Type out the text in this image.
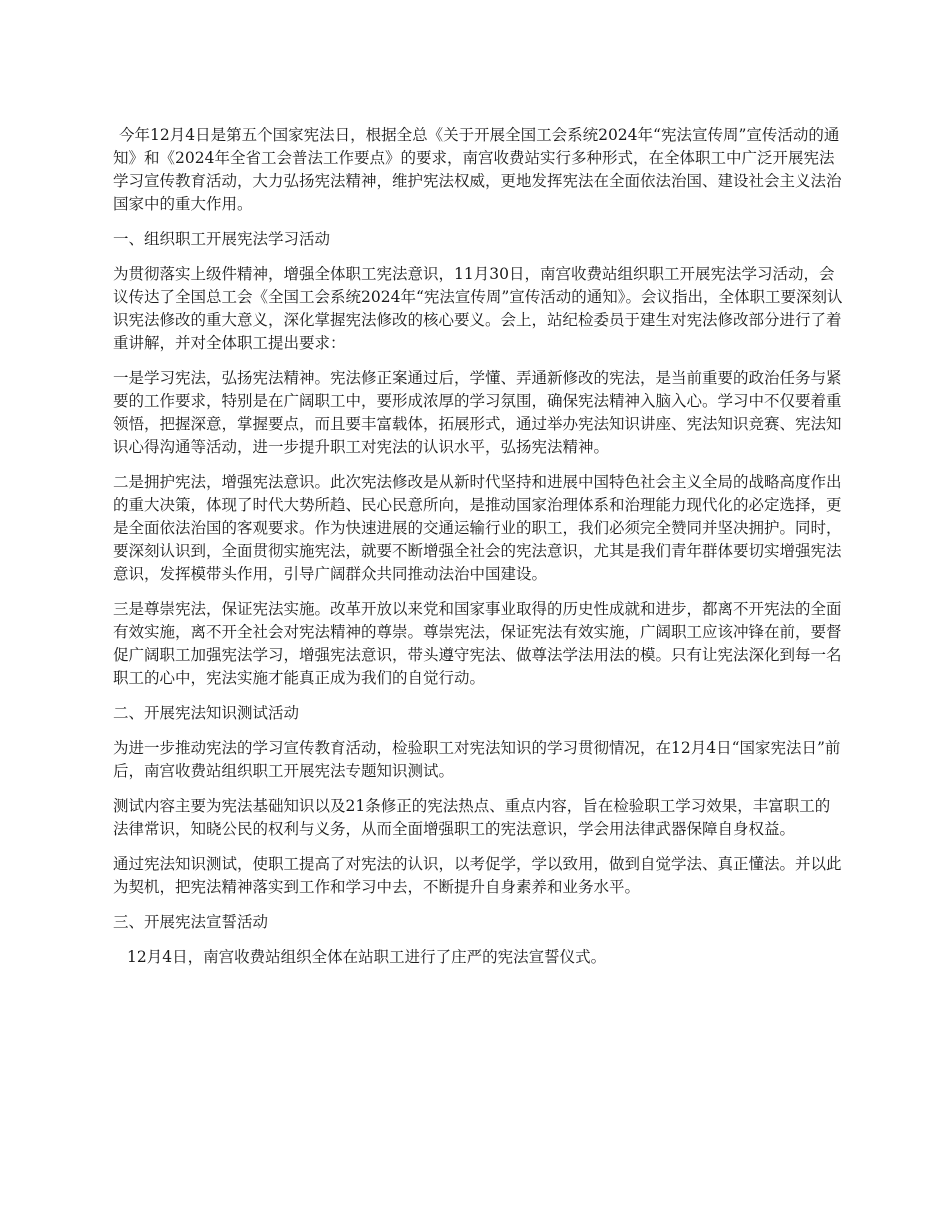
今年12月4日是第五个国家宪法日，根据全总《关于开展全国工会系统2024年“宪法宣传周”宣传活动的通知》和《2024年全省工会普法工作要点》的要求，南宫收费站实行多种形式，在全体职工中广泛开展宪法学习宣传教育活动，大力弘扬宪法精神，维护宪法权威，更地发挥宪法在全面依法治国、建设社会主义法治国家中的重大作用。

一、组织职工开展宪法学习活动

为贯彻落实上级件精神，增强全体职工宪法意识，11月30日，南宫收费站组织职工开展宪法学习活动，会议传达了全国总工会《全国工会系统2024年“宪法宣传周”宣传活动的通知》。会议指出，全体职工要深刻认识宪法修改的重大意义，深化掌握宪法修改的核心要义。会上，站纪检委员于建生对宪法修改部分进行了着重讲解，并对全体职工提出要求：

一是学习宪法，弘扬宪法精神。宪法修正案通过后，学懂、弄通新修改的宪法，是当前重要的政治任务与紧要的工作要求，特别是在广阔职工中，要形成浓厚的学习氛围，确保宪法精神入脑入心。学习中不仅要着重领悟，把握深意，掌握要点，而且要丰富载体，拓展形式，通过举办宪法知识讲座、宪法知识竞赛、宪法知识心得沟通等活动，进一步提升职工对宪法的认识水平，弘扬宪法精神。

二是拥护宪法，增强宪法意识。此次宪法修改是从新时代坚持和进展中国特色社会主义全局的战略高度作出的重大决策，体现了时代大势所趋、民心民意所向，是推动国家治理体系和治理能力现代化的必定选择，更是全面依法治国的客观要求。作为快速进展的交通运输行业的职工，我们必须完全赞同并坚决拥护。同时，要深刻认识到，全面贯彻实施宪法，就要不断增强全社会的宪法意识，尤其是我们青年群体要切实增强宪法意识，发挥模带头作用，引导广阔群众共同推动法治中国建设。

三是尊崇宪法，保证宪法实施。改革开放以来党和国家事业取得的历史性成就和进步，都离不开宪法的全面有效实施，离不开全社会对宪法精神的尊崇。尊崇宪法，保证宪法有效实施，广阔职工应该冲锋在前，要督促广阔职工加强宪法学习，增强宪法意识，带头遵守宪法、做尊法学法用法的模。只有让宪法深化到每一名职工的心中，宪法实施才能真正成为我们的自觉行动。

二、开展宪法知识测试活动

为进一步推动宪法的学习宣传教育活动，检验职工对宪法知识的学习贯彻情况，在12月4日“国家宪法日”前后，南宫收费站组织职工开展宪法专题知识测试。

测试内容主要为宪法基础知识以及21条修正的宪法热点、重点内容，旨在检验职工学习效果，丰富职工的法律常识，知晓公民的权利与义务，从而全面增强职工的宪法意识，学会用法律武器保障自身权益。

通过宪法知识测试，使职工提高了对宪法的认识，以考促学，学以致用，做到自觉学法、真正懂法。并以此为契机，把宪法精神落实到工作和学习中去，不断提升自身素养和业务水平。

三、开展宪法宣誓活动

12月4日，南宫收费站组织全体在站职工进行了庄严的宪法宣誓仪式。
